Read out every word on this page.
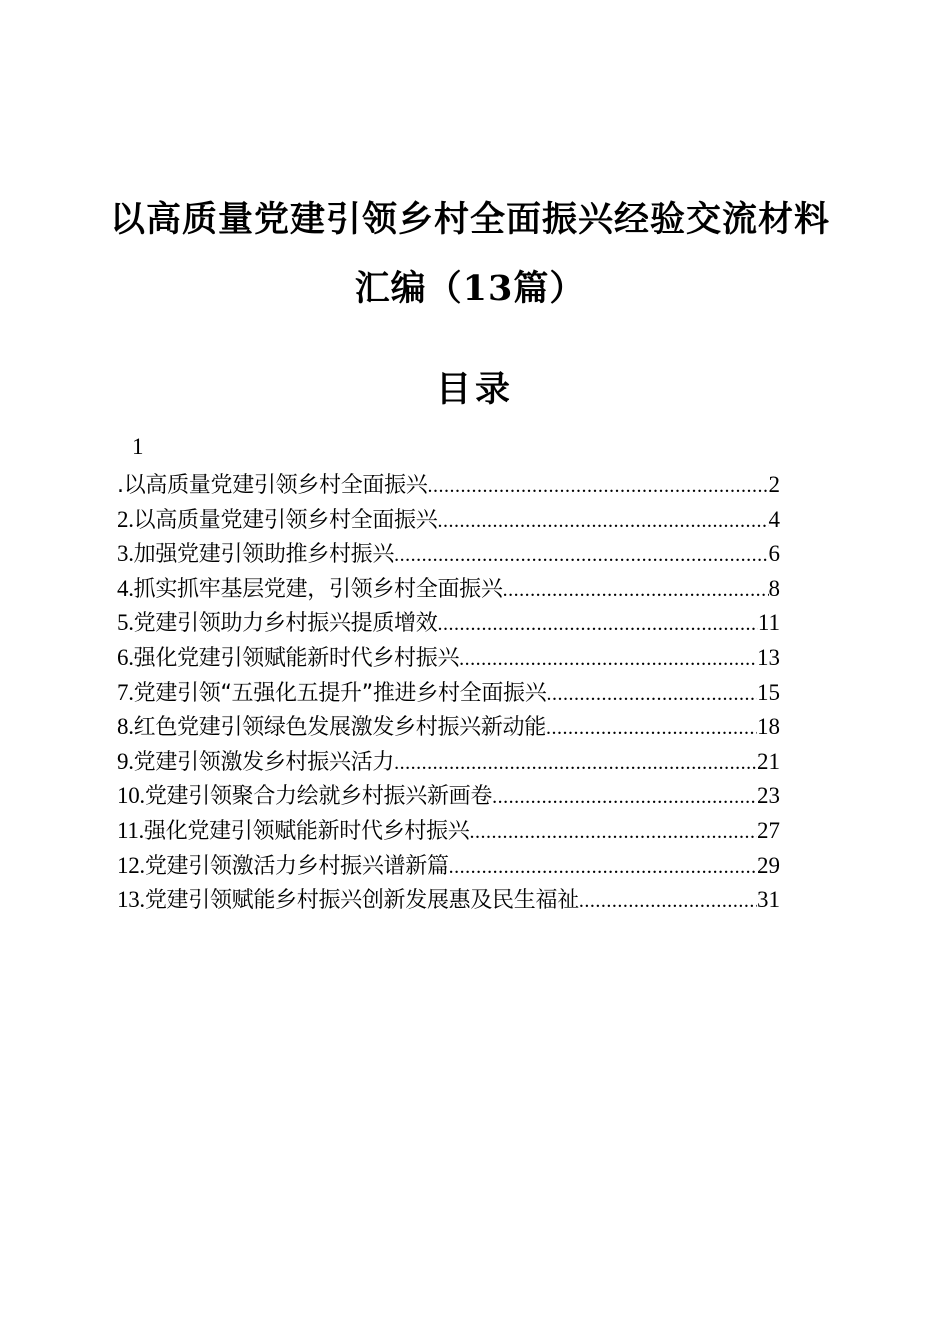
以高质量党建引领乡村全面振兴经验交流材料
汇编（13篇）
目录
1
.以高质量党建引领乡村全面振兴 .....	2
2.以高质量党建引领乡村全面振兴 .....	4
3.加强党建引领助推乡村振兴 .....	6
4.抓实抓牢基层党建，引领乡村全面振兴 .....	8
5.党建引领助力乡村振兴提质增效 .....	11
6.强化党建引领赋能新时代乡村振兴 .....	13
7.党建引领“五强化五提升”推进乡村全面振兴 .....	15
8.红色党建引领绿色发展激发乡村振兴新动能 .....	18
9.党建引领激发乡村振兴活力 .....	21
10.党建引领聚合力绘就乡村振兴新画卷 .....	23
11.强化党建引领赋能新时代乡村振兴 .....	27
12.党建引领激活力乡村振兴谱新篇 .....	29
13.党建引领赋能乡村振兴创新发展惠及民生福祉 .....	31
